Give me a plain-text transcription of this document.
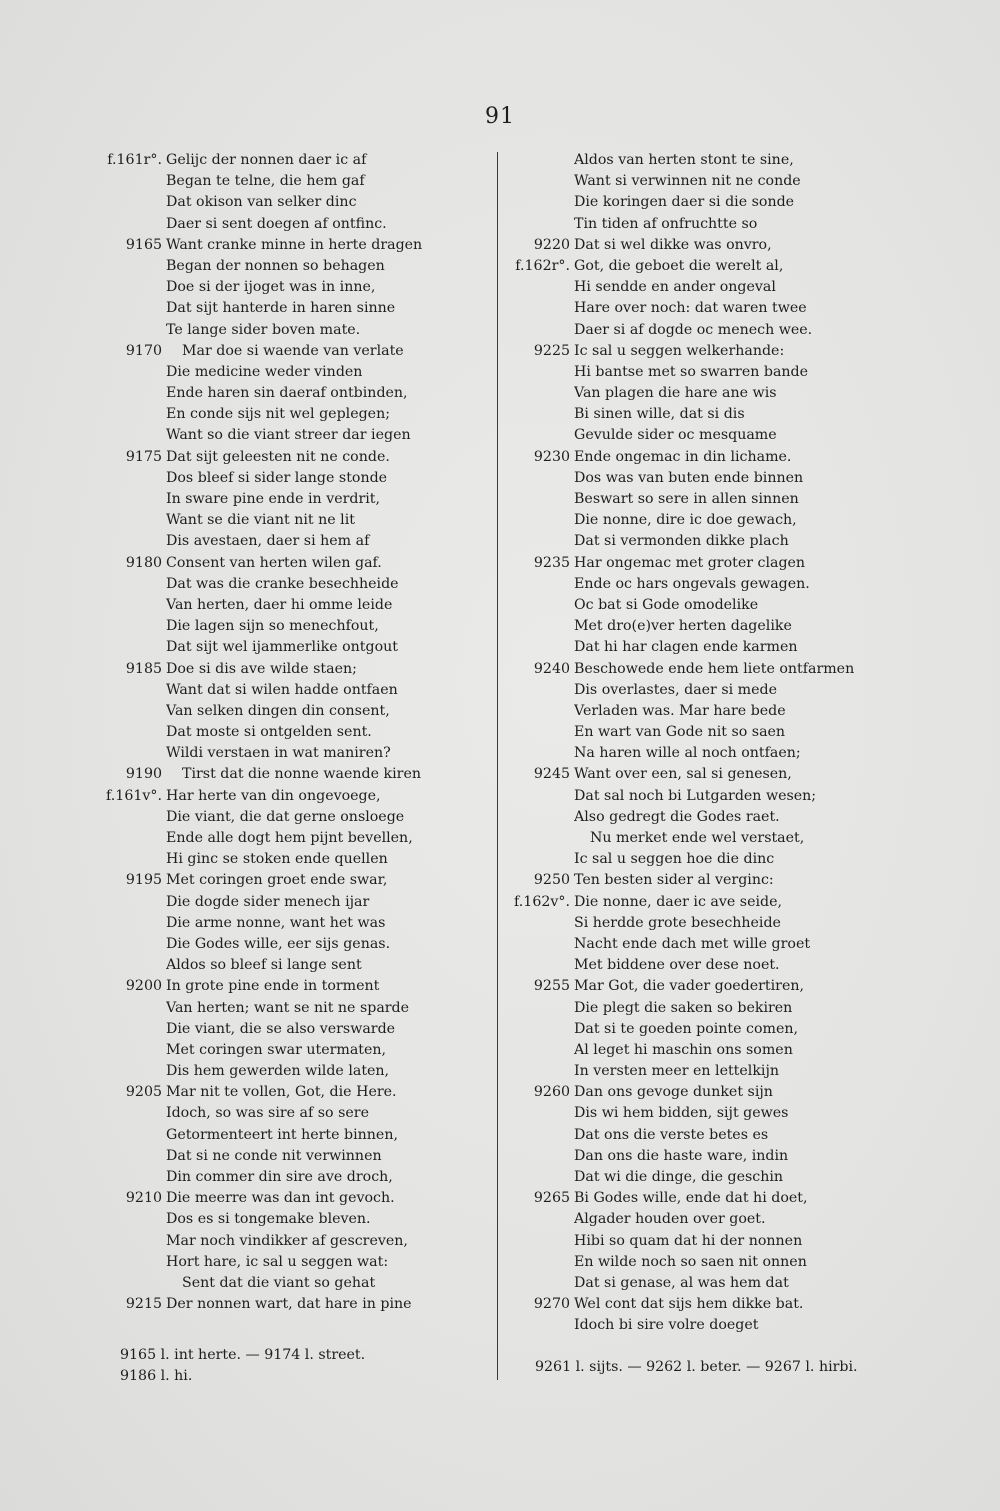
91
f.161r°. Gelijc der nonnen daer ic af
Began te telne, die hem gaf
Dat okison van selker dinc
Daer si sent doegen af ontfinc.
9165 Want cranke minne in herte dragen
Began der nonnen so behagen
Doe si der ijoget was in inne,
Dat sijt hanterde in haren sinne
Te lange sider boven mate.
9170	Mar doe si waende van verlate
Die medicine weder vinden
Ende haren sin daeraf ontbinden,
En conde sijs nit wel geplegen;
Want so die viant streer dar iegen
9175 Dat sijt geleesten nit ne conde.
Dos bleef si sider lange stonde
In sware pine ende in verdrit,
Want se die viant nit ne lit
Dis avestaen, daer si hem af
9180 Consent van herten wilen gaf.
Dat was die cranke besechheide
Van herten, daer hi omme leide
Die lagen sijn so menechfout,
Dat sijt wel ijammerlike ontgout
9185 Doe si dis ave wilde staen;
Want dat si wilen hadde ontfaen
Van selken dingen din consent,
Dat moste si ontgelden sent.
Wildi verstaen in wat maniren?
9190	Tirst dat die nonne waende kiren
f.161v°. Har herte van din ongevoege,
Die viant, die dat gerne onsloege
Ende alle dogt hem pijnt bevellen,
Hi ginc se stoken ende quellen
9195 Met coringen groet ende swar,
Die dogde sider menech ijar
Die arme nonne, want het was
Die Godes wille, eer sijs genas.
Aldos so bleef si lange sent
9200 In grote pine ende in torment
Van herten; want se nit ne sparde
Die viant, die se also verswarde
Met coringen swar utermaten,
Dis hem gewerden wilde laten,
9205 Mar nit te vollen, Got, die Here.
Idoch, so was sire af so sere
Getormenteert int herte binnen,
Dat si ne conde nit verwinnen
Din commer din sire ave droch,
9210 Die meerre was dan int gevoch.
Dos es si tongemake bleven.
Mar noch vindikker af gescreven,
Hort hare, ic sal u seggen wat:
Sent dat die viant so gehat
9215 Der nonnen wart, dat hare in pine
Aldos van herten stont te sine,
Want si verwinnen nit ne conde
Die koringen daer si die sonde
Tin tiden af onfruchtte so
9220 Dat si wel dikke was onvro,
f.162r°. Got, die geboet die werelt al,
Hi sendde en ander ongeval
Hare over noch: dat waren twee
Daer si af dogde oc menech wee.
9225 Ic sal u seggen welkerhande:
Hi bantse met so swarren bande
Van plagen die hare ane wis
Bi sinen wille, dat si dis
Gevulde sider oc mesquame
9230 Ende ongemac in din lichame.
Dos was van buten ende binnen
Beswart so sere in allen sinnen
Die nonne, dire ic doe gewach,
Dat si vermonden dikke plach
9235 Har ongemac met groter clagen
Ende oc hars ongevals gewagen.
Oc bat si Gode omodelike
Met dro(e)ver herten dagelike
Dat hi har clagen ende karmen
9240 Beschowede ende hem liete ontfarmen
Dis overlastes, daer si mede
Verladen was. Mar hare bede
En wart van Gode nit so saen
Na haren wille al noch ontfaen;
9245 Want over een, sal si genesen,
Dat sal noch bi Lutgarden wesen;
Also gedregt die Godes raet.
Nu merket ende wel verstaet,
Ic sal u seggen hoe die dinc
9250 Ten besten sider al verginc:
f.162v°. Die nonne, daer ic ave seide,
Si herdde grote besechheide
Nacht ende dach met wille groet
Met biddene over dese noet.
9255 Mar Got, die vader goedertiren,
Die plegt die saken so bekiren
Dat si te goeden pointe comen,
Al leget hi maschin ons somen
In versten meer en lettelkijn
9260 Dan ons gevoge dunket sijn
Dis wi hem bidden, sijt gewes
Dat ons die verste betes es
Dan ons die haste ware, indin
Dat wi die dinge, die geschin
9265 Bi Godes wille, ende dat hi doet,
Algader houden over goet.
Hibi so quam dat hi der nonnen
En wilde noch so saen nit onnen
Dat si genase, al was hem dat
9270 Wel cont dat sijs hem dikke bat.
Idoch bi sire volre doeget
9165 l. int herte. — 9174 l. street.
9186 l. hi.
9261 l. sijts. — 9262 l. beter. — 9267 l. hirbi.
